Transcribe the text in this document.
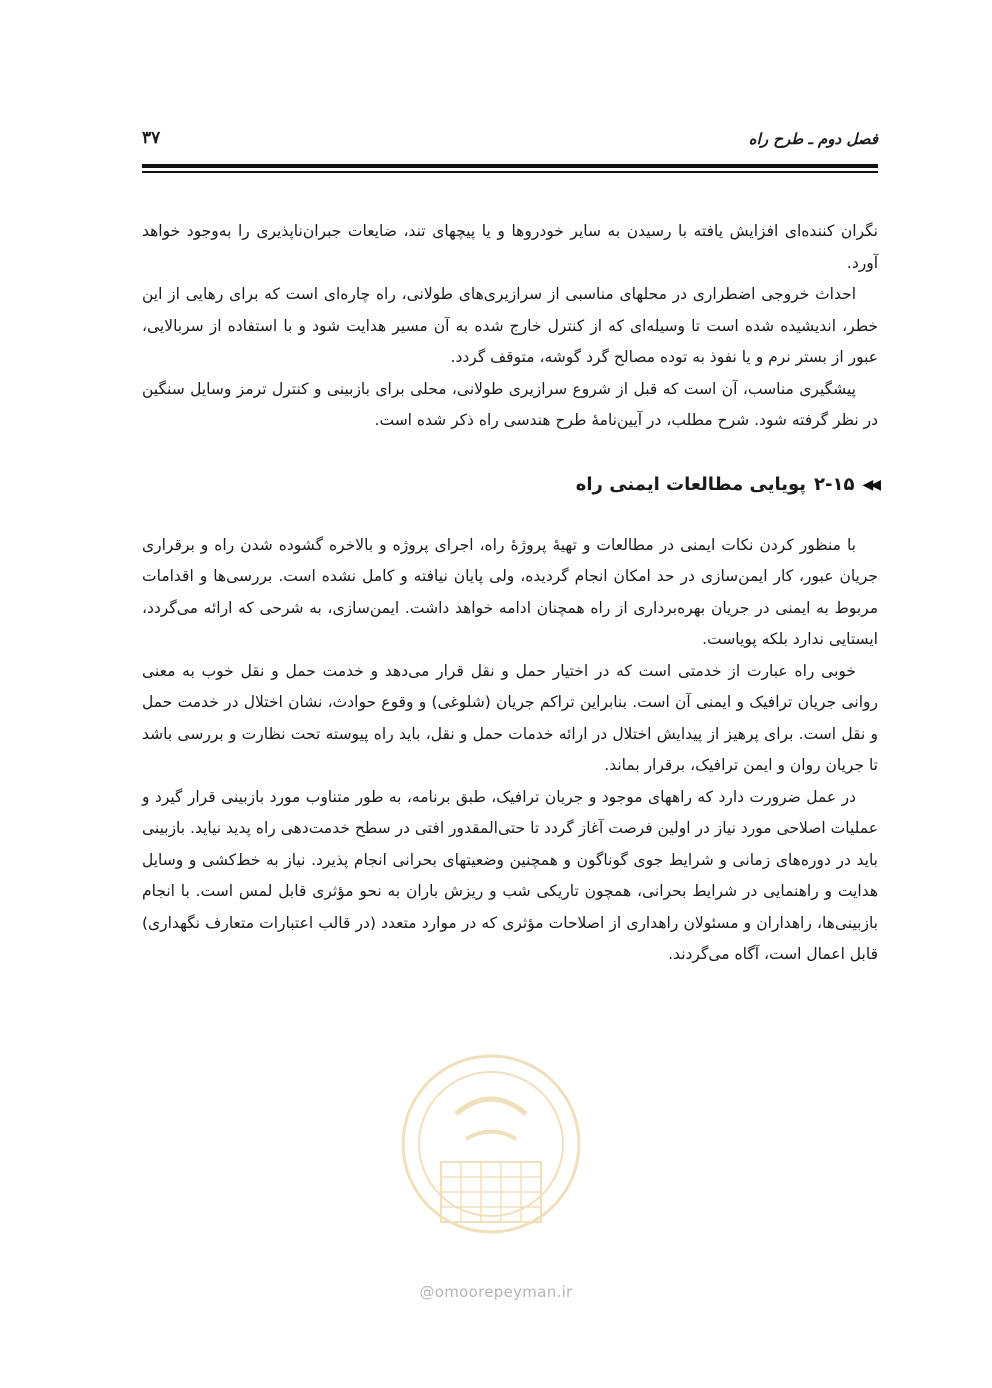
فصل دوم ـ طرح راه
۳۷

نگران کننده‌ای افزایش یافته با رسیدن به سایر خودروها و یا پیچهای تند، ضایعات جبران‌ناپذیری را به‌وجود خواهد آورد.

احداث خروجی اضطراری در محلهای مناسبی از سرازیری‌های طولانی، راه چاره‌ای است که برای رهایی از این خطر، اندیشیده شده است تا وسیله‌ای که از کنترل خارج شده به آن مسیر هدایت شود و با استفاده از سربالایی، عبور از بستر نرم و یا نفوذ به توده مصالح گرد گوشه، متوقف گردد.

پیشگیری مناسب، آن است که قبل از شروع سرازیری طولانی، محلی برای بازبینی و کنترل ترمز وسایل سنگین در نظر گرفته شود. شرح مطلب، در آیین‌نامهٔ طرح هندسی راه ذکر شده است.

◀◀
۲-۱۵
پویایی مطالعات ایمنی راه

با منظور کردن نکات ایمنی در مطالعات و تهیهٔ پروژهٔ راه، اجرای پروژه و بالاخره گشوده شدن راه و برقراری جریان عبور، کار ایمن‌سازی در حد امکان انجام گردیده، ولی پایان نیافته و کامل نشده است. بررسی‌ها و اقدامات مربوط به ایمنی در جریان بهره‌برداری از راه همچنان ادامه خواهد داشت. ایمن‌سازی، به شرحی که ارائه می‌گردد، ایستایی ندارد بلکه پویاست.

خوبی راه عبارت از خدمتی است که در اختیار حمل و نقل قرار می‌دهد و خدمت حمل و نقل خوب به معنی روانی جریان ترافیک و ایمنی آن است. بنابراین تراکم جریان (شلوغی) و وقوع حوادث، نشان اختلال در خدمت حمل و نقل است. برای پرهیز از پیدایش اختلال در ارائه خدمات حمل و نقل، باید راه پیوسته تحت نظارت و بررسی باشد تا جریان روان و ایمن ترافیک، برقرار بماند.

در عمل ضرورت دارد که راههای موجود و جریان ترافیک، طبق برنامه، به طور متناوب مورد بازبینی قرار گیرد و عملیات اصلاحی مورد نیاز در اولین فرصت آغاز گردد تا حتی‌المقدور افتی در سطح خدمت‌دهی راه پدید نیاید. بازبینی باید در دوره‌های زمانی و شرایط جوی گوناگون و همچنین وضعیتهای بحرانی انجام پذیرد. نیاز به خط‌کشی و وسایل هدایت و راهنمایی در شرایط بحرانی، همچون تاریکی شب و ریزش باران به نحو مؤثری قابل لمس است. با انجام بازبینی‌ها، راهداران و مسئولان راهداری از اصلاحات مؤثری که در موارد متعدد (در قالب اعتبارات متعارف نگهداری) قابل اعمال است، آگاه می‌گردند.

@omoorepeyman.ir
